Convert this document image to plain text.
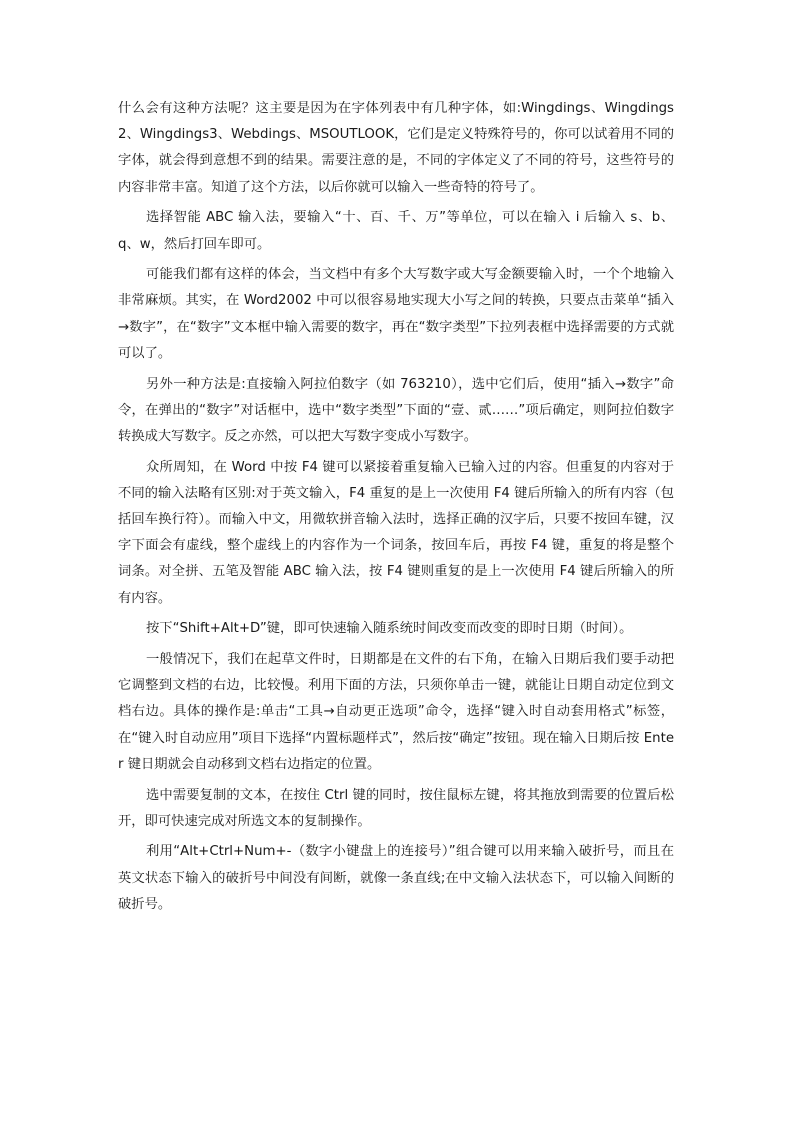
什么会有这种方法呢？这主要是因为在字体列表中有几种字体，如:Wingdings、Wingdings2、Wingdings3、Webdings、MSOUTLOOK，它们是定义特殊符号的，你可以试着用不同的字体，就会得到意想不到的结果。需要注意的是，不同的字体定义了不同的符号，这些符号的内容非常丰富。知道了这个方法，以后你就可以输入一些奇特的符号了。

选择智能 ABC 输入法，要输入“十、百、千、万”等单位，可以在输入 i 后输入 s、b、q、w，然后打回车即可。

可能我们都有这样的体会，当文档中有多个大写数字或大写金额要输入时，一个个地输入非常麻烦。其实，在 Word2002 中可以很容易地实现大小写之间的转换，只要点击菜单“插入→数字”，在“数字”文本框中输入需要的数字，再在“数字类型”下拉列表框中选择需要的方式就可以了。

另外一种方法是:直接输入阿拉伯数字（如 763210），选中它们后，使用“插入→数字”命令，在弹出的“数字”对话框中，选中“数字类型”下面的“壹、贰……”项后确定，则阿拉伯数字转换成大写数字。反之亦然，可以把大写数字变成小写数字。

众所周知，在 Word 中按 F4 键可以紧接着重复输入已输入过的内容。但重复的内容对于不同的输入法略有区别:对于英文输入，F4 重复的是上一次使用 F4 键后所输入的所有内容（包括回车换行符）。而输入中文，用微软拼音输入法时，选择正确的汉字后，只要不按回车键，汉字下面会有虚线，整个虚线上的内容作为一个词条，按回车后，再按 F4 键，重复的将是整个词条。对全拼、五笔及智能 ABC 输入法，按 F4 键则重复的是上一次使用 F4 键后所输入的所有内容。

按下“Shift+Alt+D”键，即可快速输入随系统时间改变而改变的即时日期（时间）。

一般情况下，我们在起草文件时，日期都是在文件的右下角，在输入日期后我们要手动把它调整到文档的右边，比较慢。利用下面的方法，只须你单击一键，就能让日期自动定位到文档右边。具体的操作是:单击“工具→自动更正选项”命令，选择“键入时自动套用格式”标签，在“键入时自动应用”项目下选择“内置标题样式”，然后按“确定”按钮。现在输入日期后按 Enter 键日期就会自动移到文档右边指定的位置。

选中需要复制的文本，在按住 Ctrl 键的同时，按住鼠标左键，将其拖放到需要的位置后松开，即可快速完成对所选文本的复制操作。

利用“Alt+Ctrl+Num+-（数字小键盘上的连接号）”组合键可以用来输入破折号，而且在英文状态下输入的破折号中间没有间断，就像一条直线;在中文输入法状态下，可以输入间断的破折号。
